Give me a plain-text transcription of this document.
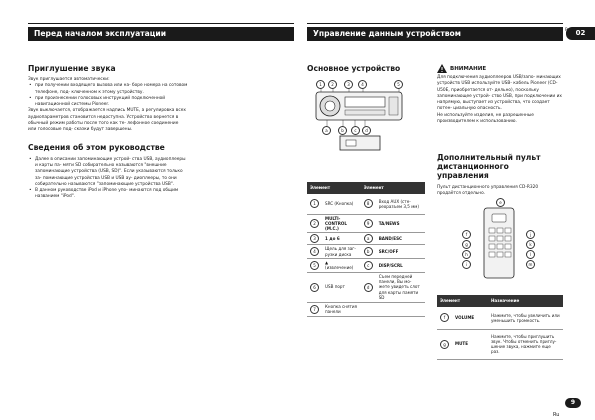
02
Перед началом эксплуатации	Управление данным устройством

Приглушение звука

Звук приглушается автоматически:

• при получении входящего вызова или на- боре номера на сотовом телефоне, под- ключенном к этому устройству.

• при произнесении голосовых инструкций подключенной навигационной системы Pioneer.

Звук выключается, отображается надпись MUTE, а регулировка всех аудиопараметров становится недоступна. Устройство вернется в обычный режим работы после того как те- лефонное соединение или голосовые под- сказки будут завершены.

Сведения об этом руководстве

• Далее в описании запоминающие устрой- ства USB, аудиоплееры и карты па- мяти SD собирательно называются "внешние запоминающие устройства (USB, SD)". Если указываются только за- поминающие устройства USB и USB ау- диоплееры, то они собирательно называются "запоминающие устройства USB".

• В данном руководстве iPod и iPhone упо- минаются под общим названием "iPod".

Основное устройство

1	2	3	4	5
a	b	c	d
Элемент		Элемент	
1	SRC (Кнопка)	8	Вход AUX (сте- реоразъем 3,5 мм)
2	MULTI-CONTROL (M.C.)	9	TA/NEWS
3	1 до 6	a	BAND/ESC
4	Щель для заг- рузки диска	b	SRC/OFF
5	▲ (извлечение)	c	DISP/SCRL
6	USB порт	d	Съем передней панели, Вы мо- жете увидеть слот для карты памяти SD
7	Кнопка снятия панели		
ВНИМАНИЕ

Для подключения аудиоплееров USB/запо- минающих устройств USB используйте USB- кабель Pioneer (CD-U50E, приобретается от- дельно), поскольку запоминающее устрой- ство USB, при подключении их напрямую, выступает из устройства, что создает потен- циальную опасность.
Не используйте изделия, не разрешенные производителем к использованию.

Дополнительный пульт дистанционного управления

Пульт дистанционного управления CD-R320 продаётся отдельно.

e
f
g
h
i
j
k
l
m
Элемент		Назначение
f	VOLUME	Нажмите, чтобы увеличить или уменьшить громкость.
g	MUTE	Нажмите, чтобы приглушить звук. Чтобы отменить приглу- шение звука, нажмите еще раз.
Ru
9
